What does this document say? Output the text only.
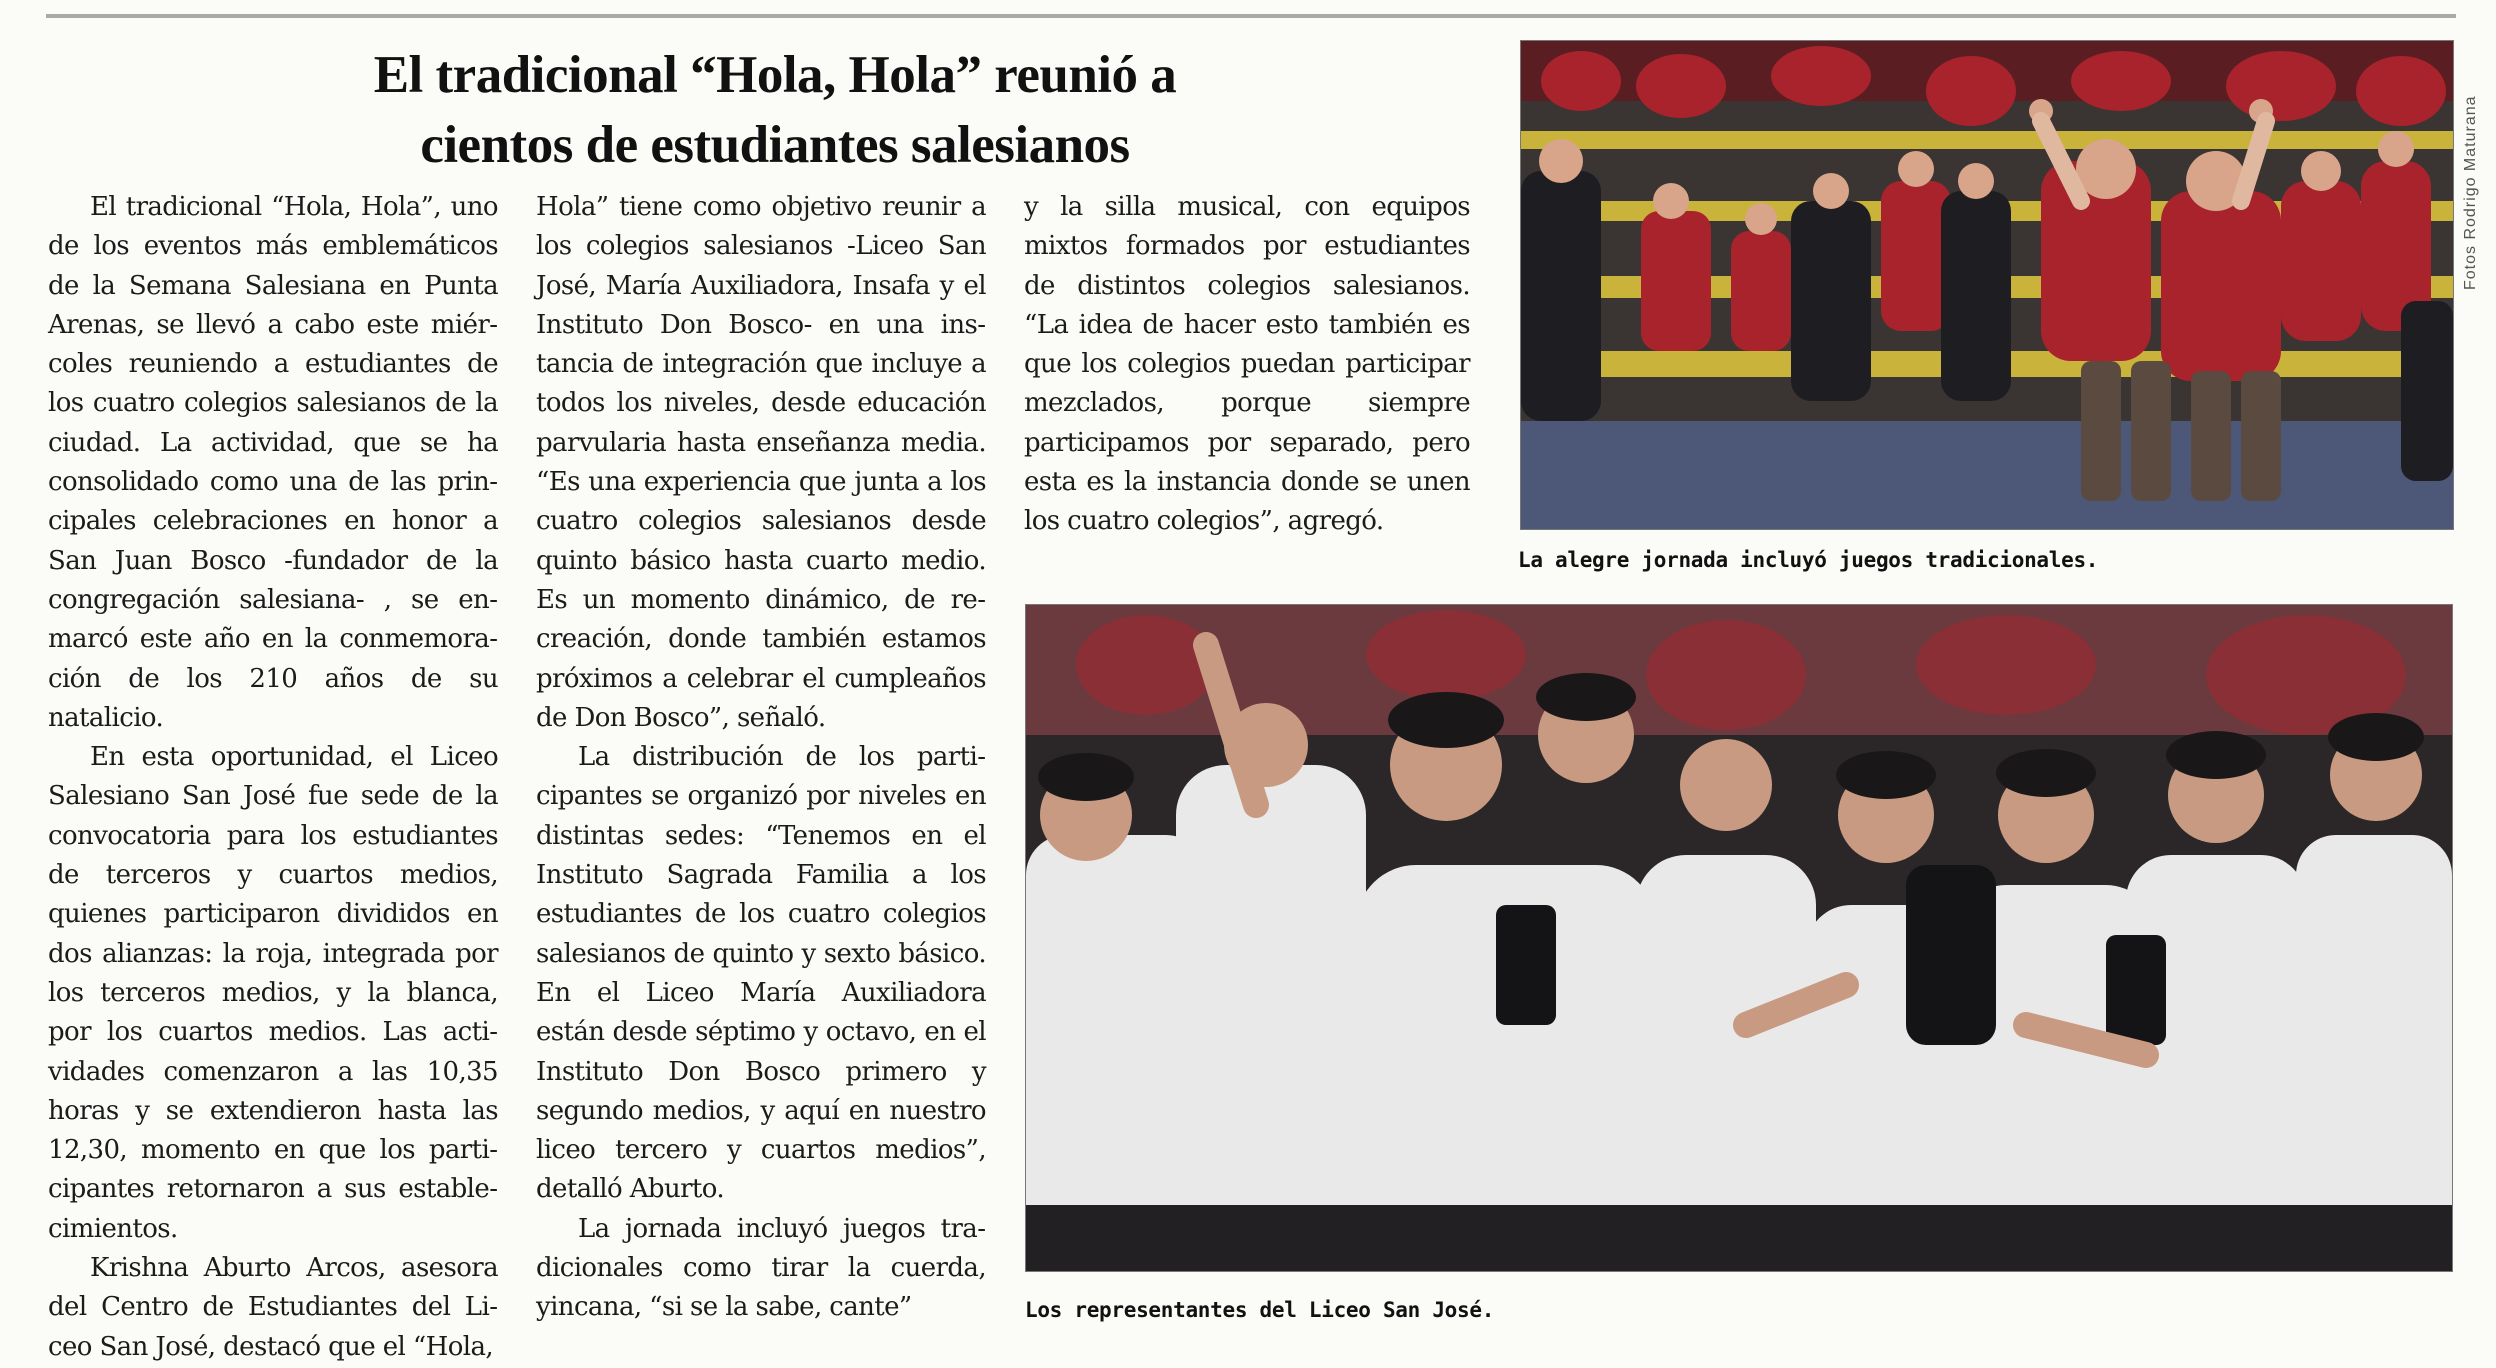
El tradicional “Hola, Hola” reunió a
cientos de estudiantes salesianos

El tradicional “Hola, Hola”, uno de los eventos más emblemáticos de la Semana Salesiana en Punta Arenas, se llevó a cabo este miércoles reuniendo a estudiantes de los cuatro colegios salesianos de la ciudad. La actividad, que se ha consolidado como una de las principales celebraciones en honor a San Juan Bosco -fundador de la congregación salesiana- , se enmarcó este año en la conmemoración de los 210 años de su natalicio.

En esta oportunidad, el Liceo Salesiano San José fue sede de la convocatoria para los estudiantes de terceros y cuartos medios, quienes participaron divididos en dos alianzas: la roja, integrada por los terceros medios, y la blanca, por los cuartos medios. Las actividades comenzaron a las 10,35 horas y se extendieron hasta las 12,30, momento en que los participantes retornaron a sus establecimientos.

Krishna Aburto Arcos, asesora del Centro de Estudiantes del Liceo San José, destacó que el “Hola,

Hola” tiene como objetivo reunir a los colegios salesianos -Liceo San José, María Auxiliadora, Insafa y el Instituto Don Bosco- en una instancia de integración que incluye a todos los niveles, desde educación parvularia hasta enseñanza media. “Es una experiencia que junta a los cuatro colegios salesianos desde quinto básico hasta cuarto medio. Es un momento dinámico, de recreación, donde también estamos próximos a celebrar el cumpleaños de Don Bosco”, señaló.

La distribución de los participantes se organizó por niveles en distintas sedes: “Tenemos en el Instituto Sagrada Familia a los estudiantes de los cuatro colegios salesianos de quinto y sexto básico. En el Liceo María Auxiliadora están desde séptimo y octavo, en el Instituto Don Bosco primero y segundo medios, y aquí en nuestro liceo tercero y cuartos medios”, detalló Aburto.

La jornada incluyó juegos tradicionales como tirar la cuerda, yincana, “si se la sabe, cante”

y la silla musical, con equipos mixtos formados por estudiantes de distintos colegios salesianos. “La idea de hacer esto también es que los colegios puedan participar mezclados, porque siempre participamos por separado, pero esta es la instancia donde se unen los cuatro colegios”, agregó.

Fotos Rodrigo Maturana
La alegre jornada incluyó juegos tradicionales.
Los representantes del Liceo San José.
